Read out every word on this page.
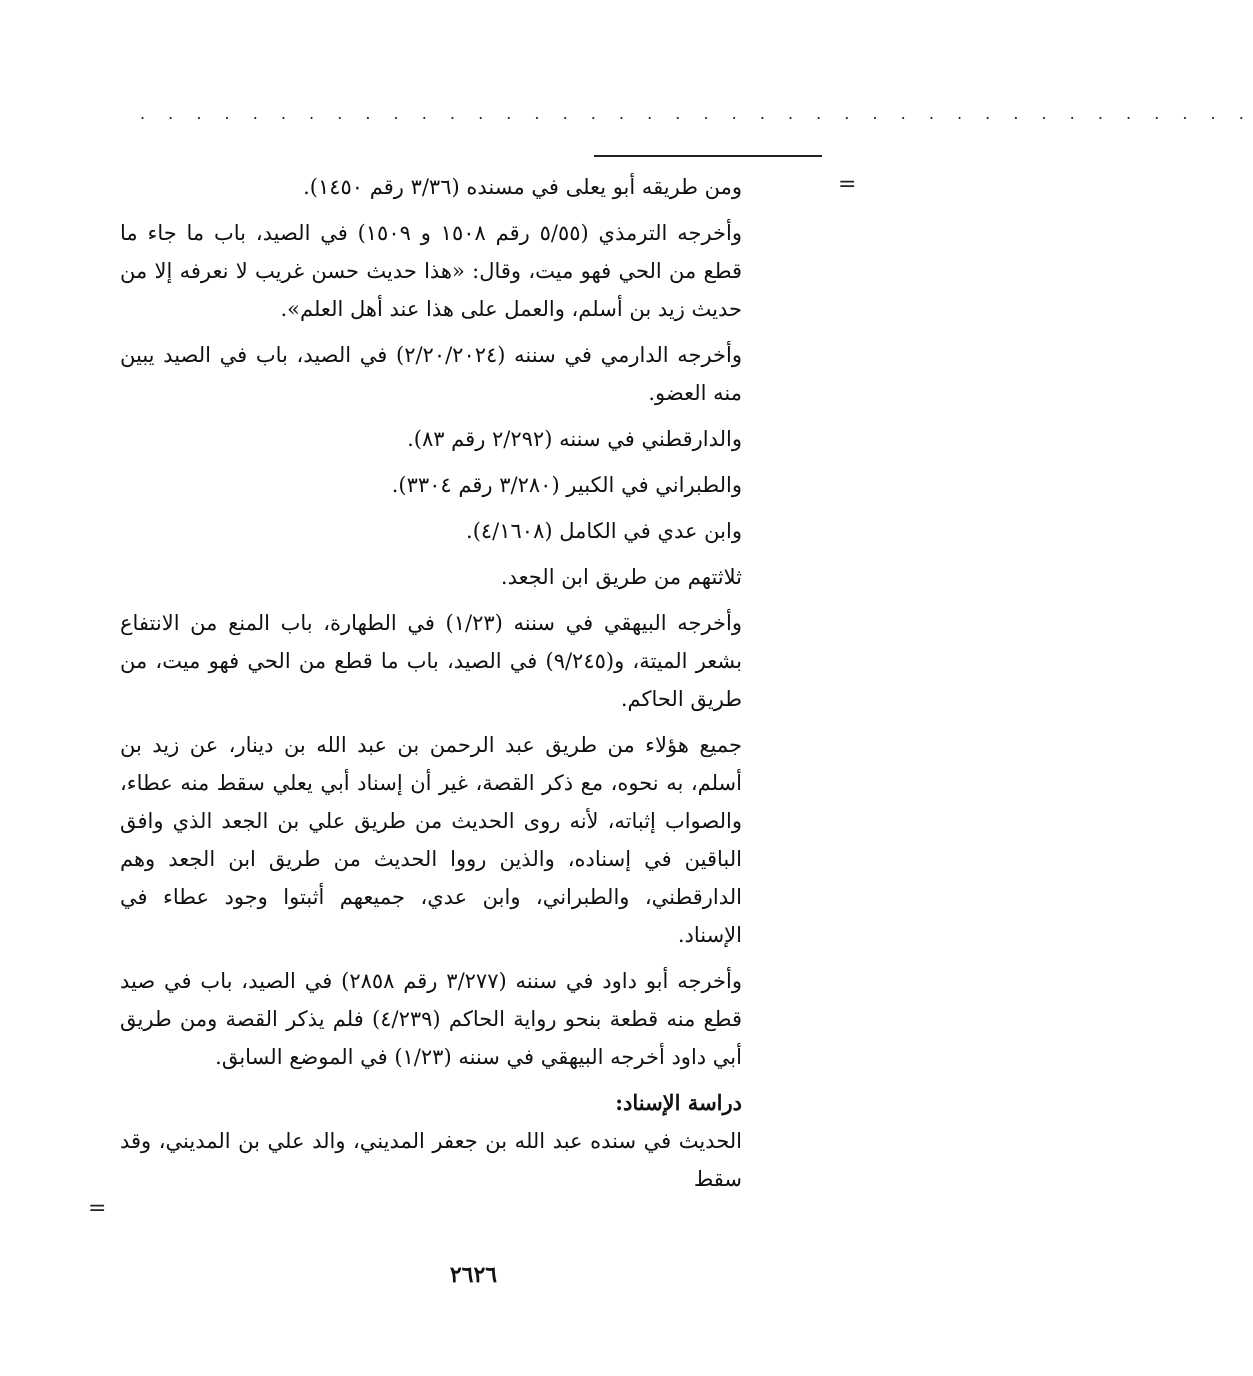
. . . . . . . . . . . . . . . . . . . . . . . . . . . . . . . . . . . . . . . .
=

ومن طريقه أبو يعلى في مسنده (٣/٣٦ رقم ١٤٥٠).

وأخرجه الترمذي (٥/٥٥ رقم ١٥٠٨ و ١٥٠٩) في الصيد، باب ما جاء ما قطع من الحي فهو ميت، وقال: «هذا حديث حسن غريب لا نعرفه إلا من حديث زيد بن أسلم، والعمل على هذا عند أهل العلم».

وأخرجه الدارمي في سننه (٢/٢٠/٢٠٢٤) في الصيد، باب في الصيد يبين منه العضو.

والدارقطني في سننه (٢/٢٩٢ رقم ٨٣).

والطبراني في الكبير (٣/٢٨٠ رقم ٣٣٠٤).

وابن عدي في الكامل (٤/١٦٠٨).

ثلاثتهم من طريق ابن الجعد.

وأخرجه البيهقي في سننه (١/٢٣) في الطهارة، باب المنع من الانتفاع بشعر الميتة، و(٩/٢٤٥) في الصيد، باب ما قطع من الحي فهو ميت، من طريق الحاكم.

جميع هؤلاء من طريق عبد الرحمن بن عبد الله بن دينار، عن زيد بن أسلم، به نحوه، مع ذكر القصة، غير أن إسناد أبي يعلي سقط منه عطاء، والصواب إثباته، لأنه روى الحديث من طريق علي بن الجعد الذي وافق الباقين في إسناده، والذين رووا الحديث من طريق ابن الجعد وهم الدارقطني، والطبراني، وابن عدي، جميعهم أثبتوا وجود عطاء في الإسناد.

وأخرجه أبو داود في سننه (٣/٢٧٧ رقم ٢٨٥٨) في الصيد، باب في صيد قطع منه قطعة بنحو رواية الحاكم (٤/٢٣٩) فلم يذكر القصة ومن طريق أبي داود أخرجه البيهقي في سننه (١/٢٣) في الموضع السابق.

دراسة الإسناد:

الحديث في سنده عبد الله بن جعفر المديني، والد علي بن المديني، وقد سقط

=
٢٦٢٦
